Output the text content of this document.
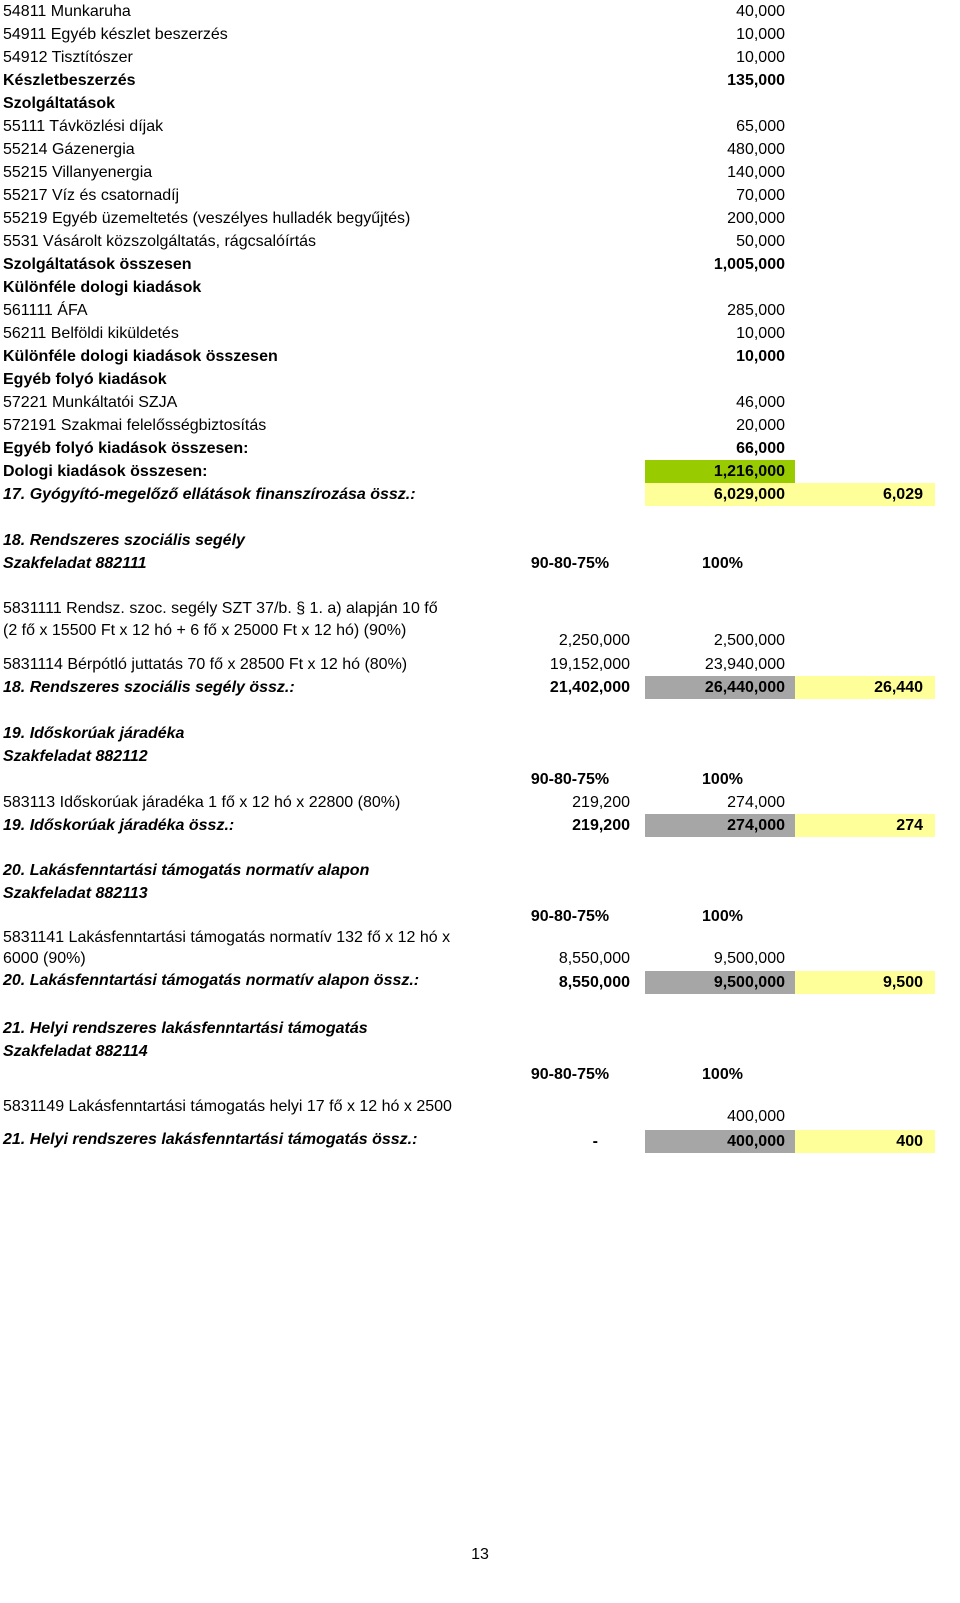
54811 Munkaruha	40,000
54911 Egyéb készlet beszerzés	10,000
54912 Tisztítószer	10,000
Készletbeszerzés	135,000
Szolgáltatások
55111 Távközlési díjak	65,000
55214 Gázenergia	480,000
55215 Villanyenergia	140,000
55217 Víz és csatornadíj	70,000
55219 Egyéb üzemeltetés (veszélyes hulladék begyűjtés)	200,000
5531 Vásárolt közszolgáltatás, rágcsalóírtás	50,000
Szolgáltatások összesen	1,005,000
Különféle dologi kiadások
561111 ÁFA	285,000
56211 Belföldi kiküldetés	10,000
Különféle dologi kiadások összesen	10,000
Egyéb folyó kiadások
57221 Munkáltatói SZJA	46,000
572191 Szakmai felelősségbiztosítás	20,000
Egyéb folyó kiadások összesen:	66,000
Dologi kiadások összesen:	1,216,000
17. Gyógyító-megelőző ellátások finanszírozása össz.:	6,029,000	6,029
18. Rendszeres szociális segély
Szakfeladat 882111	90-80-75%	100%
5831111 Rendsz. szoc. segély SZT 37/b. § 1. a) alapján 10 fő
(2 fő x 15500 Ft x 12 hó + 6 fő x 25000 Ft x 12 hó) (90%)
2,250,000	2,500,000
5831114 Bérpótló juttatás 70 fő x 28500 Ft x 12 hó (80%)	19,152,000	23,940,000
18. Rendszeres szociális segély össz.:	21,402,000	26,440,000	26,440
19. Időskorúak járadéka
Szakfeladat 882112
90-80-75%	100%
583113 Időskorúak járadéka 1 fő x 12 hó x 22800 (80%)	219,200	274,000
19. Időskorúak járadéka össz.:	219,200	274,000	274
20. Lakásfenntartási támogatás normatív alapon
Szakfeladat 882113
90-80-75%	100%
5831141 Lakásfenntartási támogatás normatív 132 fő x 12 hó x
6000 (90%)	8,550,000	9,500,000
20. Lakásfenntartási támogatás normatív alapon össz.:	8,550,000	9,500,000	9,500
21. Helyi rendszeres lakásfenntartási támogatás
Szakfeladat 882114
90-80-75%	100%
5831149 Lakásfenntartási támogatás helyi 17 fő x 12 hó x 2500
400,000
21. Helyi rendszeres lakásfenntartási támogatás össz.:	-	400,000	400
13
